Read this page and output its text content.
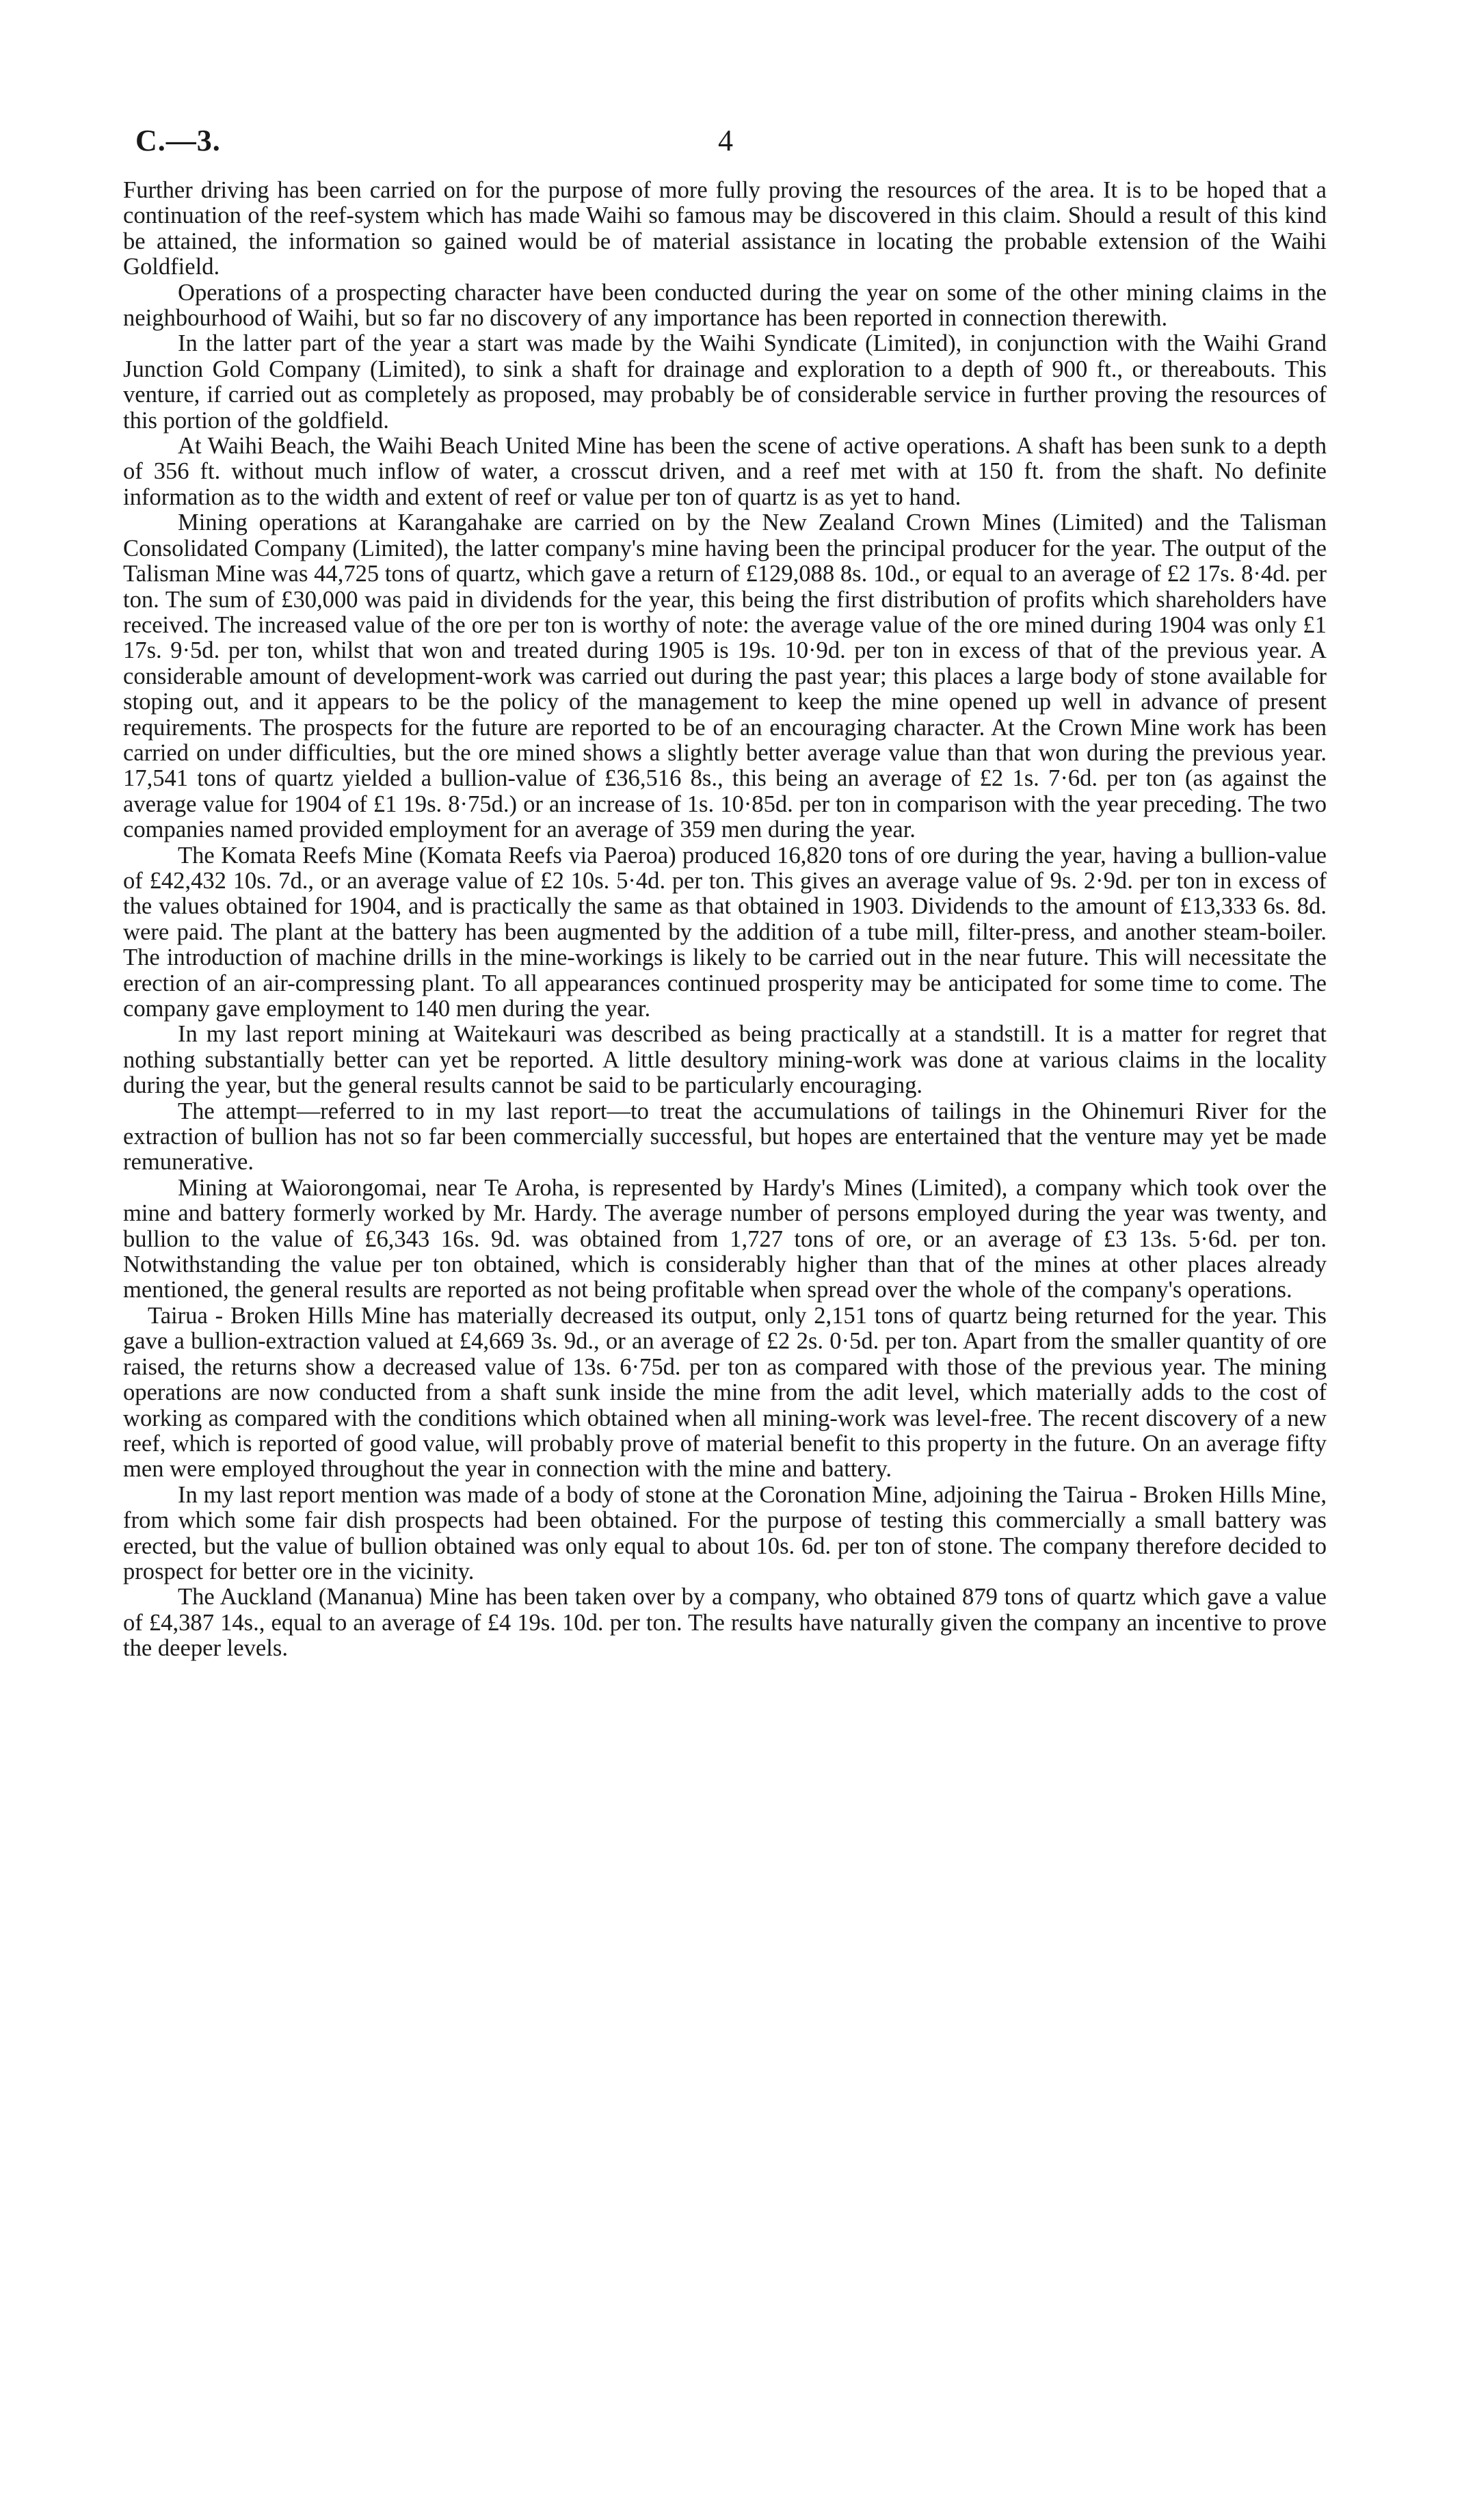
C.—3.	4

Further driving has been carried on for the purpose of more fully proving the resources of the area. It is to be hoped that a continuation of the reef-system which has made Waihi so famous may be discovered in this claim. Should a result of this kind be attained, the information so gained would be of material assistance in locating the probable extension of the Waihi Goldfield.

Operations of a prospecting character have been conducted during the year on some of the other mining claims in the neighbourhood of Waihi, but so far no discovery of any importance has been reported in connection therewith.

In the latter part of the year a start was made by the Waihi Syndicate (Limited), in conjunction with the Waihi Grand Junction Gold Company (Limited), to sink a shaft for drainage and exploration to a depth of 900 ft., or thereabouts. This venture, if carried out as completely as proposed, may probably be of considerable service in further proving the resources of this portion of the goldfield.

At Waihi Beach, the Waihi Beach United Mine has been the scene of active operations. A shaft has been sunk to a depth of 356 ft. without much inflow of water, a crosscut driven, and a reef met with at 150 ft. from the shaft. No definite information as to the width and extent of reef or value per ton of quartz is as yet to hand.

Mining operations at Karangahake are carried on by the New Zealand Crown Mines (Limited) and the Talisman Consolidated Company (Limited), the latter company's mine having been the principal producer for the year. The output of the Talisman Mine was 44,725 tons of quartz, which gave a return of £129,088 8s. 10d., or equal to an average of £2 17s. 8·4d. per ton. The sum of £30,000 was paid in dividends for the year, this being the first distribution of profits which shareholders have received. The increased value of the ore per ton is worthy of note: the average value of the ore mined during 1904 was only £1 17s. 9·5d. per ton, whilst that won and treated during 1905 is 19s. 10·9d. per ton in excess of that of the previous year. A considerable amount of development-work was carried out during the past year; this places a large body of stone available for stoping out, and it appears to be the policy of the management to keep the mine opened up well in advance of present requirements. The prospects for the future are reported to be of an encouraging character. At the Crown Mine work has been carried on under difficulties, but the ore mined shows a slightly better average value than that won during the previous year. 17,541 tons of quartz yielded a bullion-value of £36,516 8s., this being an average of £2 1s. 7·6d. per ton (as against the average value for 1904 of £1 19s. 8·75d.) or an increase of 1s. 10·85d. per ton in comparison with the year preceding. The two companies named provided employment for an average of 359 men during the year.

The Komata Reefs Mine (Komata Reefs via Paeroa) produced 16,820 tons of ore during the year, having a bullion-value of £42,432 10s. 7d., or an average value of £2 10s. 5·4d. per ton. This gives an average value of 9s. 2·9d. per ton in excess of the values obtained for 1904, and is practically the same as that obtained in 1903. Dividends to the amount of £13,333 6s. 8d. were paid. The plant at the battery has been augmented by the addition of a tube mill, filter-press, and another steam-boiler. The introduction of machine drills in the mine-workings is likely to be carried out in the near future. This will necessitate the erection of an air-compressing plant. To all appearances continued prosperity may be anticipated for some time to come. The company gave employment to 140 men during the year.

In my last report mining at Waitekauri was described as being practically at a standstill. It is a matter for regret that nothing substantially better can yet be reported. A little desultory mining-work was done at various claims in the locality during the year, but the general results cannot be said to be particularly encouraging.

The attempt—referred to in my last report—to treat the accumulations of tailings in the Ohinemuri River for the extraction of bullion has not so far been commercially successful, but hopes are entertained that the venture may yet be made remunerative.

Mining at Waiorongomai, near Te Aroha, is represented by Hardy's Mines (Limited), a company which took over the mine and battery formerly worked by Mr. Hardy. The average number of persons employed during the year was twenty, and bullion to the value of £6,343 16s. 9d. was obtained from 1,727 tons of ore, or an average of £3 13s. 5·6d. per ton. Notwithstanding the value per ton obtained, which is considerably higher than that of the mines at other places already mentioned, the general results are reported as not being profitable when spread over the whole of the company's operations.

Tairua - Broken Hills Mine has materially decreased its output, only 2,151 tons of quartz being returned for the year. This gave a bullion-extraction valued at £4,669 3s. 9d., or an average of £2 2s. 0·5d. per ton. Apart from the smaller quantity of ore raised, the returns show a decreased value of 13s. 6·75d. per ton as compared with those of the previous year. The mining operations are now conducted from a shaft sunk inside the mine from the adit level, which materially adds to the cost of working as compared with the conditions which obtained when all mining-work was level-free. The recent discovery of a new reef, which is reported of good value, will probably prove of material benefit to this property in the future. On an average fifty men were employed throughout the year in connection with the mine and battery.

In my last report mention was made of a body of stone at the Coronation Mine, adjoining the Tairua - Broken Hills Mine, from which some fair dish prospects had been obtained. For the purpose of testing this commercially a small battery was erected, but the value of bullion obtained was only equal to about 10s. 6d. per ton of stone. The company therefore decided to prospect for better ore in the vicinity.

The Auckland (Mananua) Mine has been taken over by a company, who obtained 879 tons of quartz which gave a value of £4,387 14s., equal to an average of £4 19s. 10d. per ton. The results have naturally given the company an incentive to prove the deeper levels.
